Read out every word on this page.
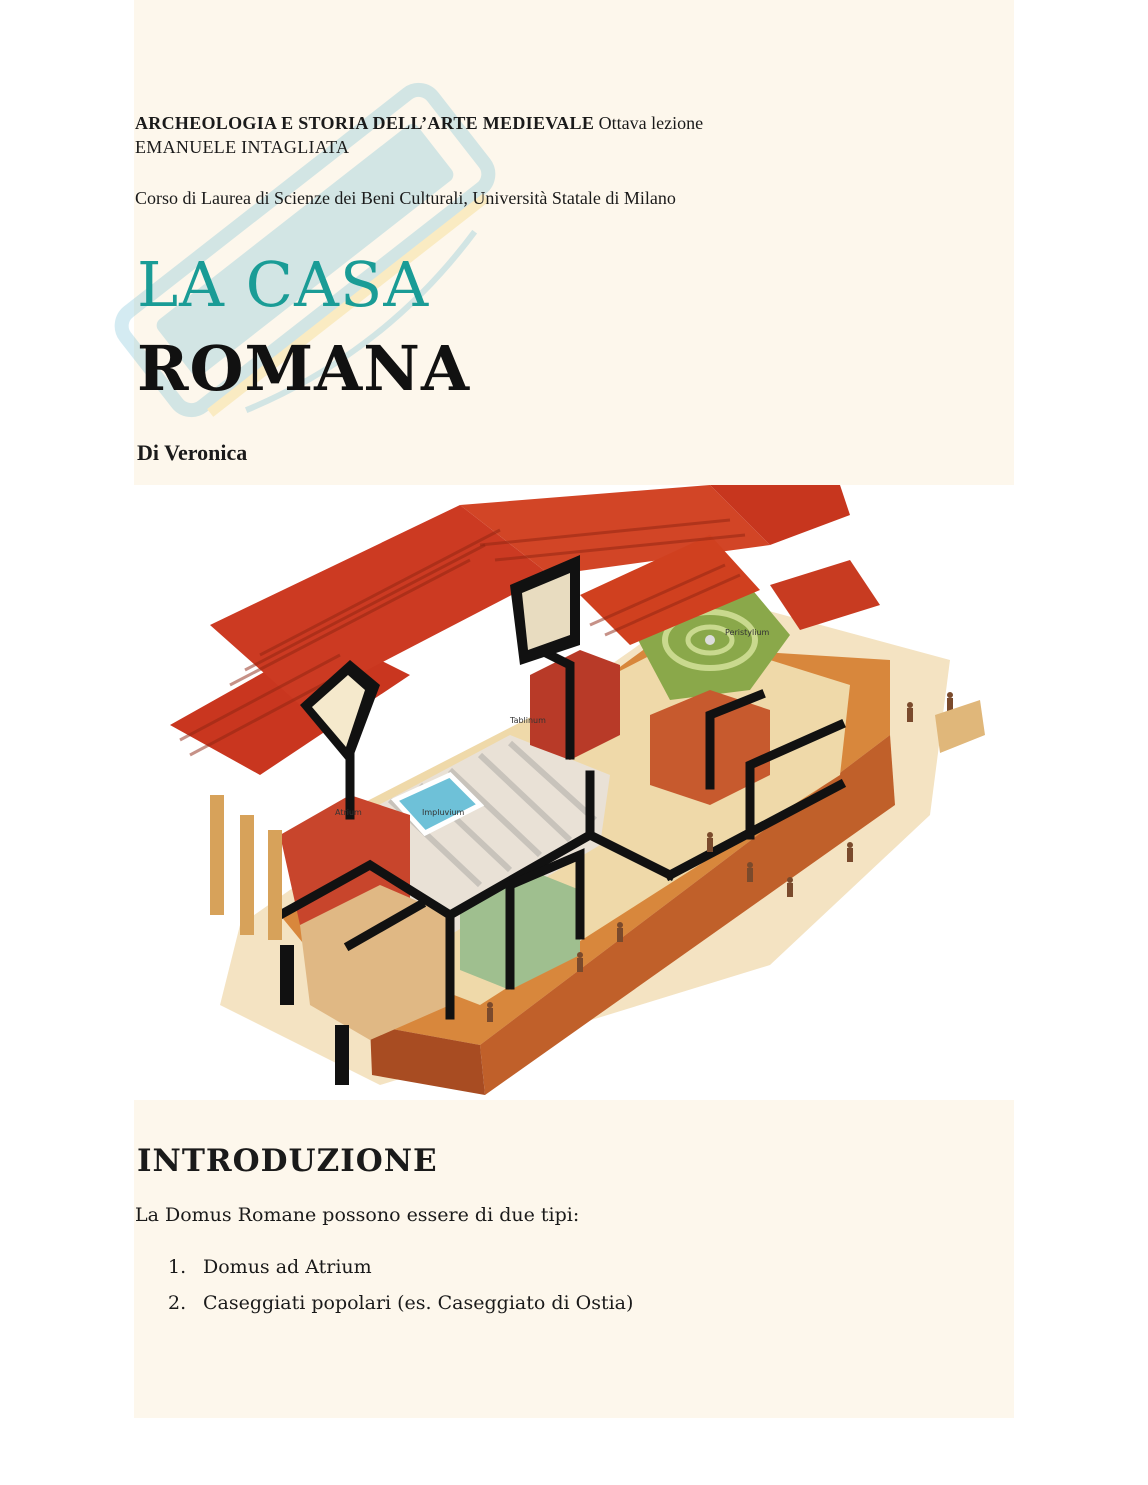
ARCHEOLOGIA E STORIA DELL’ARTE MEDIEVALE Ottava lezione
EMANUELE INTAGLIATA
Corso di Laurea di Scienze dei Beni Culturali, Università Statale di Milano
LA CASA
ROMANA
Di Veronica
Atrium	Impluvium
Tablinum
Peristylium
INTRODUZIONE
La Domus Romane possono essere di due tipi:
1. Domus ad Atrium
2. Caseggiati popolari (es. Caseggiato di Ostia)
